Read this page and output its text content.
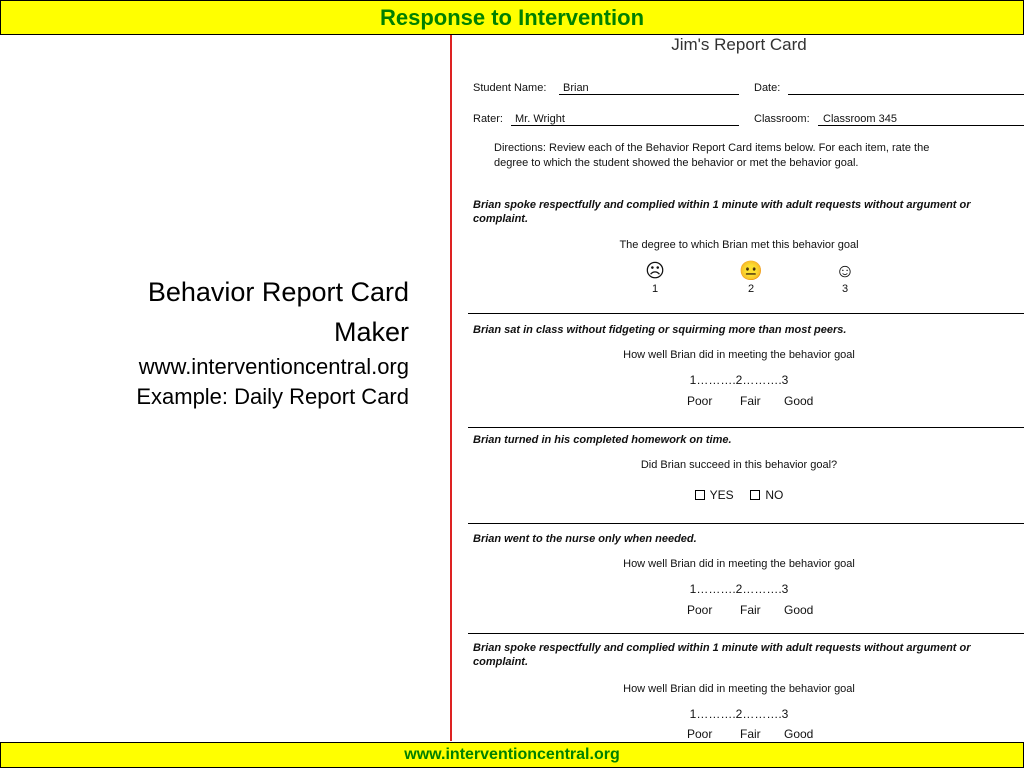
Response to Intervention
Behavior Report Card
Maker
www.interventioncentral.org
Example: Daily Report Card
Jim's Report Card
Student Name: Brian	Date:
Rater: Mr. Wright	Classroom: Classroom 345
Directions: Review each of the Behavior Report Card items below. For each item, rate the
degree to which the student showed the behavior or met the behavior goal.
Brian spoke respectfully and complied within 1 minute with adult requests without argument or complaint.
The degree to which Brian met this behavior goal
☹
1
😐
2
☺
3
Brian sat in class without fidgeting or squirming more than most peers.
How well Brian did in meeting the behavior goal
1……….2……….3
Poor Fair Good
Brian turned in his completed homework on time.
Did Brian succeed in this behavior goal?
YES	NO
Brian went to the nurse only when needed.
How well Brian did in meeting the behavior goal
1……….2……….3
Poor Fair Good
Brian spoke respectfully and complied within 1 minute with adult requests without argument or complaint.
How well Brian did in meeting the behavior goal
1……….2……….3
Poor Fair Good
www.interventioncentral.org
